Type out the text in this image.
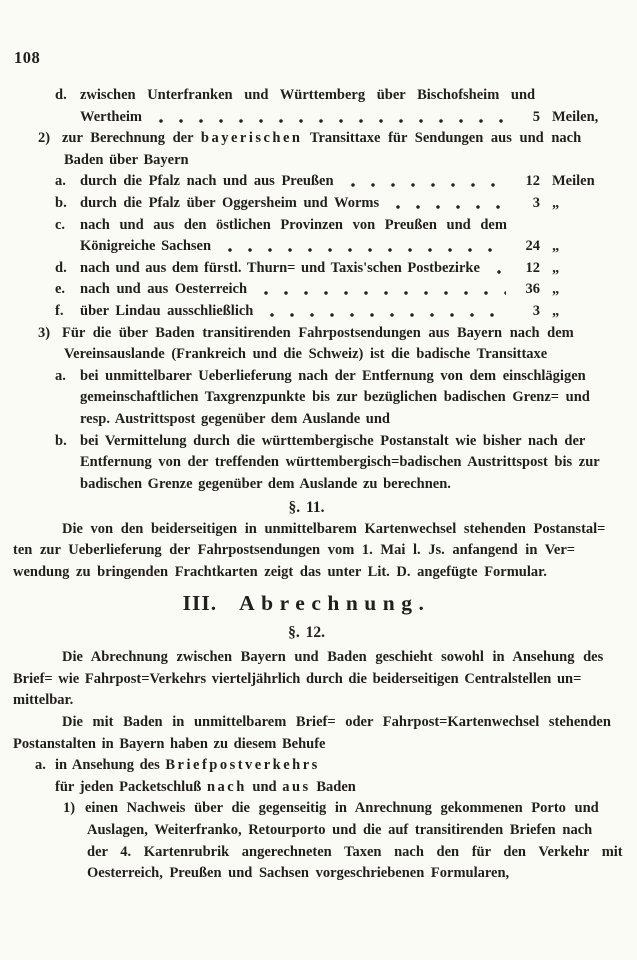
108
d. zwischen Unterfranken und Württemberg über Bischofsheim und
Wertheim	5 Meilen,
2) zur Berechnung der bayerischen Transittaxe für Sendungen aus und nach
Baden über Bayern
a. durch die Pfalz nach und aus Preußen	12 Meilen
b. durch die Pfalz über Oggersheim und Worms	3 „
c. nach und aus den östlichen Provinzen von Preußen und dem
Königreiche Sachsen	24 „
d. nach und aus dem fürstl. Thurn= und Taxis'schen Postbezirke	12 „
e. nach und aus Oesterreich	36 „
f. über Lindau ausschließlich	3 „
3) Für die über Baden transitirenden Fahrpostsendungen aus Bayern nach dem
Vereinsauslande (Frankreich und die Schweiz) ist die badische Transittaxe
a. bei unmittelbarer Ueberlieferung nach der Entfernung von dem einschlägigen
gemeinschaftlichen Taxgrenzpunkte bis zur bezüglichen badischen Grenz= und
resp. Austrittspost gegenüber dem Auslande und
b. bei Vermittelung durch die württembergische Postanstalt wie bisher nach der
Entfernung von der treffenden württembergisch=badischen Austrittspost bis zur
badischen Grenze gegenüber dem Auslande zu berechnen.
§. 11.
Die von den beiderseitigen in unmittelbarem Kartenwechsel stehenden Postanstal=
ten zur Ueberlieferung der Fahrpostsendungen vom 1. Mai l. Js. anfangend in Ver=
wendung zu bringenden Frachtkarten zeigt das unter Lit. D. angefügte Formular.
III. Abrechnung.
§. 12.
Die Abrechnung zwischen Bayern und Baden geschieht sowohl in Ansehung des
Brief= wie Fahrpost=Verkehrs vierteljährlich durch die beiderseitigen Centralstellen un=
mittelbar.
Die mit Baden in unmittelbarem Brief= oder Fahrpost=Kartenwechsel stehenden
Postanstalten in Bayern haben zu diesem Behufe
a. in Ansehung des Briefpostverkehrs
für jeden Packetschluß nach und aus Baden
1) einen Nachweis über die gegenseitig in Anrechnung gekommenen Porto und
Auslagen, Weiterfranko, Retourporto und die auf transitirenden Briefen nach
der 4. Kartenrubrik angerechneten Taxen nach den für den Verkehr mit
Oesterreich, Preußen und Sachsen vorgeschriebenen Formularen,
